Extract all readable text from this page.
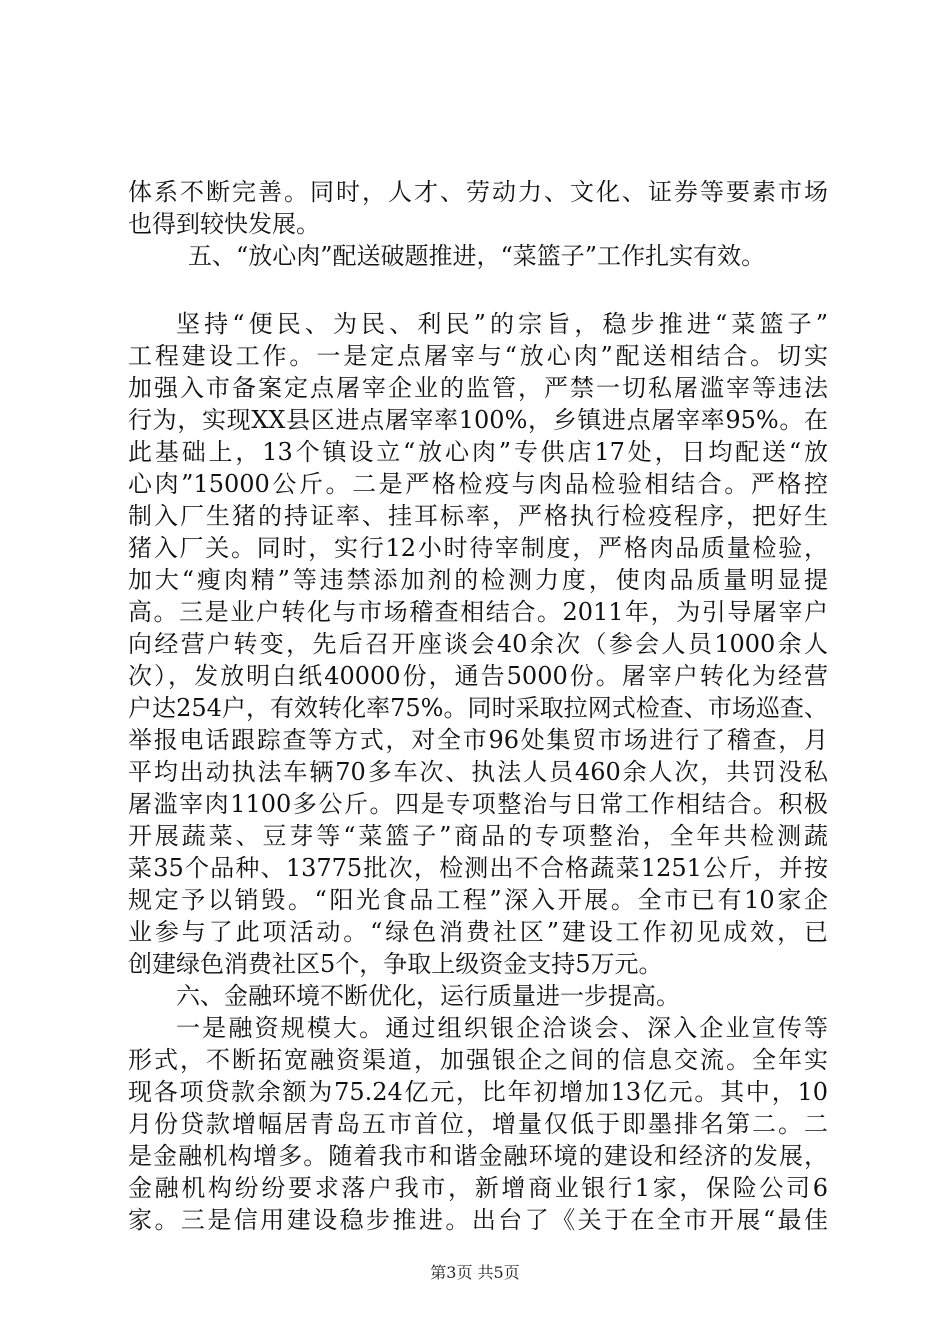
体系不断完善。同时，人才、劳动力、文化、证券等要素市场
也得到较快发展。
五、“放心肉”配送破题推进，“菜篮子”工作扎实有效。
坚持“便民、为民、利民”的宗旨，稳步推进“菜篮子”
工程建设工作。一是定点屠宰与“放心肉”配送相结合。切实
加强入市备案定点屠宰企业的监管，严禁一切私屠滥宰等违法
行为，实现XX县区进点屠宰率100%，乡镇进点屠宰率95%。在
此基础上，13个镇设立“放心肉”专供店17处，日均配送“放
心肉”15000公斤。二是严格检疫与肉品检验相结合。严格控
制入厂生猪的持证率、挂耳标率，严格执行检疫程序，把好生
猪入厂关。同时，实行12小时待宰制度，严格肉品质量检验，
加大“瘦肉精”等违禁添加剂的检测力度，使肉品质量明显提
高。三是业户转化与市场稽查相结合。2011年，为引导屠宰户
向经营户转变，先后召开座谈会40余次（参会人员1000余人
次），发放明白纸40000份，通告5000份。屠宰户转化为经营
户达254户，有效转化率75%。同时采取拉网式检查、市场巡查、
举报电话跟踪查等方式，对全市96处集贸市场进行了稽查，月
平均出动执法车辆70多车次、执法人员460余人次，共罚没私
屠滥宰肉1100多公斤。四是专项整治与日常工作相结合。积极
开展蔬菜、豆芽等“菜篮子”商品的专项整治，全年共检测蔬
菜35个品种、13775批次，检测出不合格蔬菜1251公斤，并按
规定予以销毁。“阳光食品工程”深入开展。全市已有10家企
业参与了此项活动。“绿色消费社区”建设工作初见成效，已
创建绿色消费社区5个，争取上级资金支持5万元。
六、金融环境不断优化，运行质量进一步提高。
一是融资规模大。通过组织银企洽谈会、深入企业宣传等
形式，不断拓宽融资渠道，加强银企之间的信息交流。全年实
现各项贷款余额为75.24亿元，比年初增加13亿元。其中，10
月份贷款增幅居青岛五市首位，增量仅低于即墨排名第二。二
是金融机构增多。随着我市和谐金融环境的建设和经济的发展，
金融机构纷纷要求落户我市，新增商业银行1家，保险公司6
家。三是信用建设稳步推进。出台了《关于在全市开展“最佳
第3页 共5页
